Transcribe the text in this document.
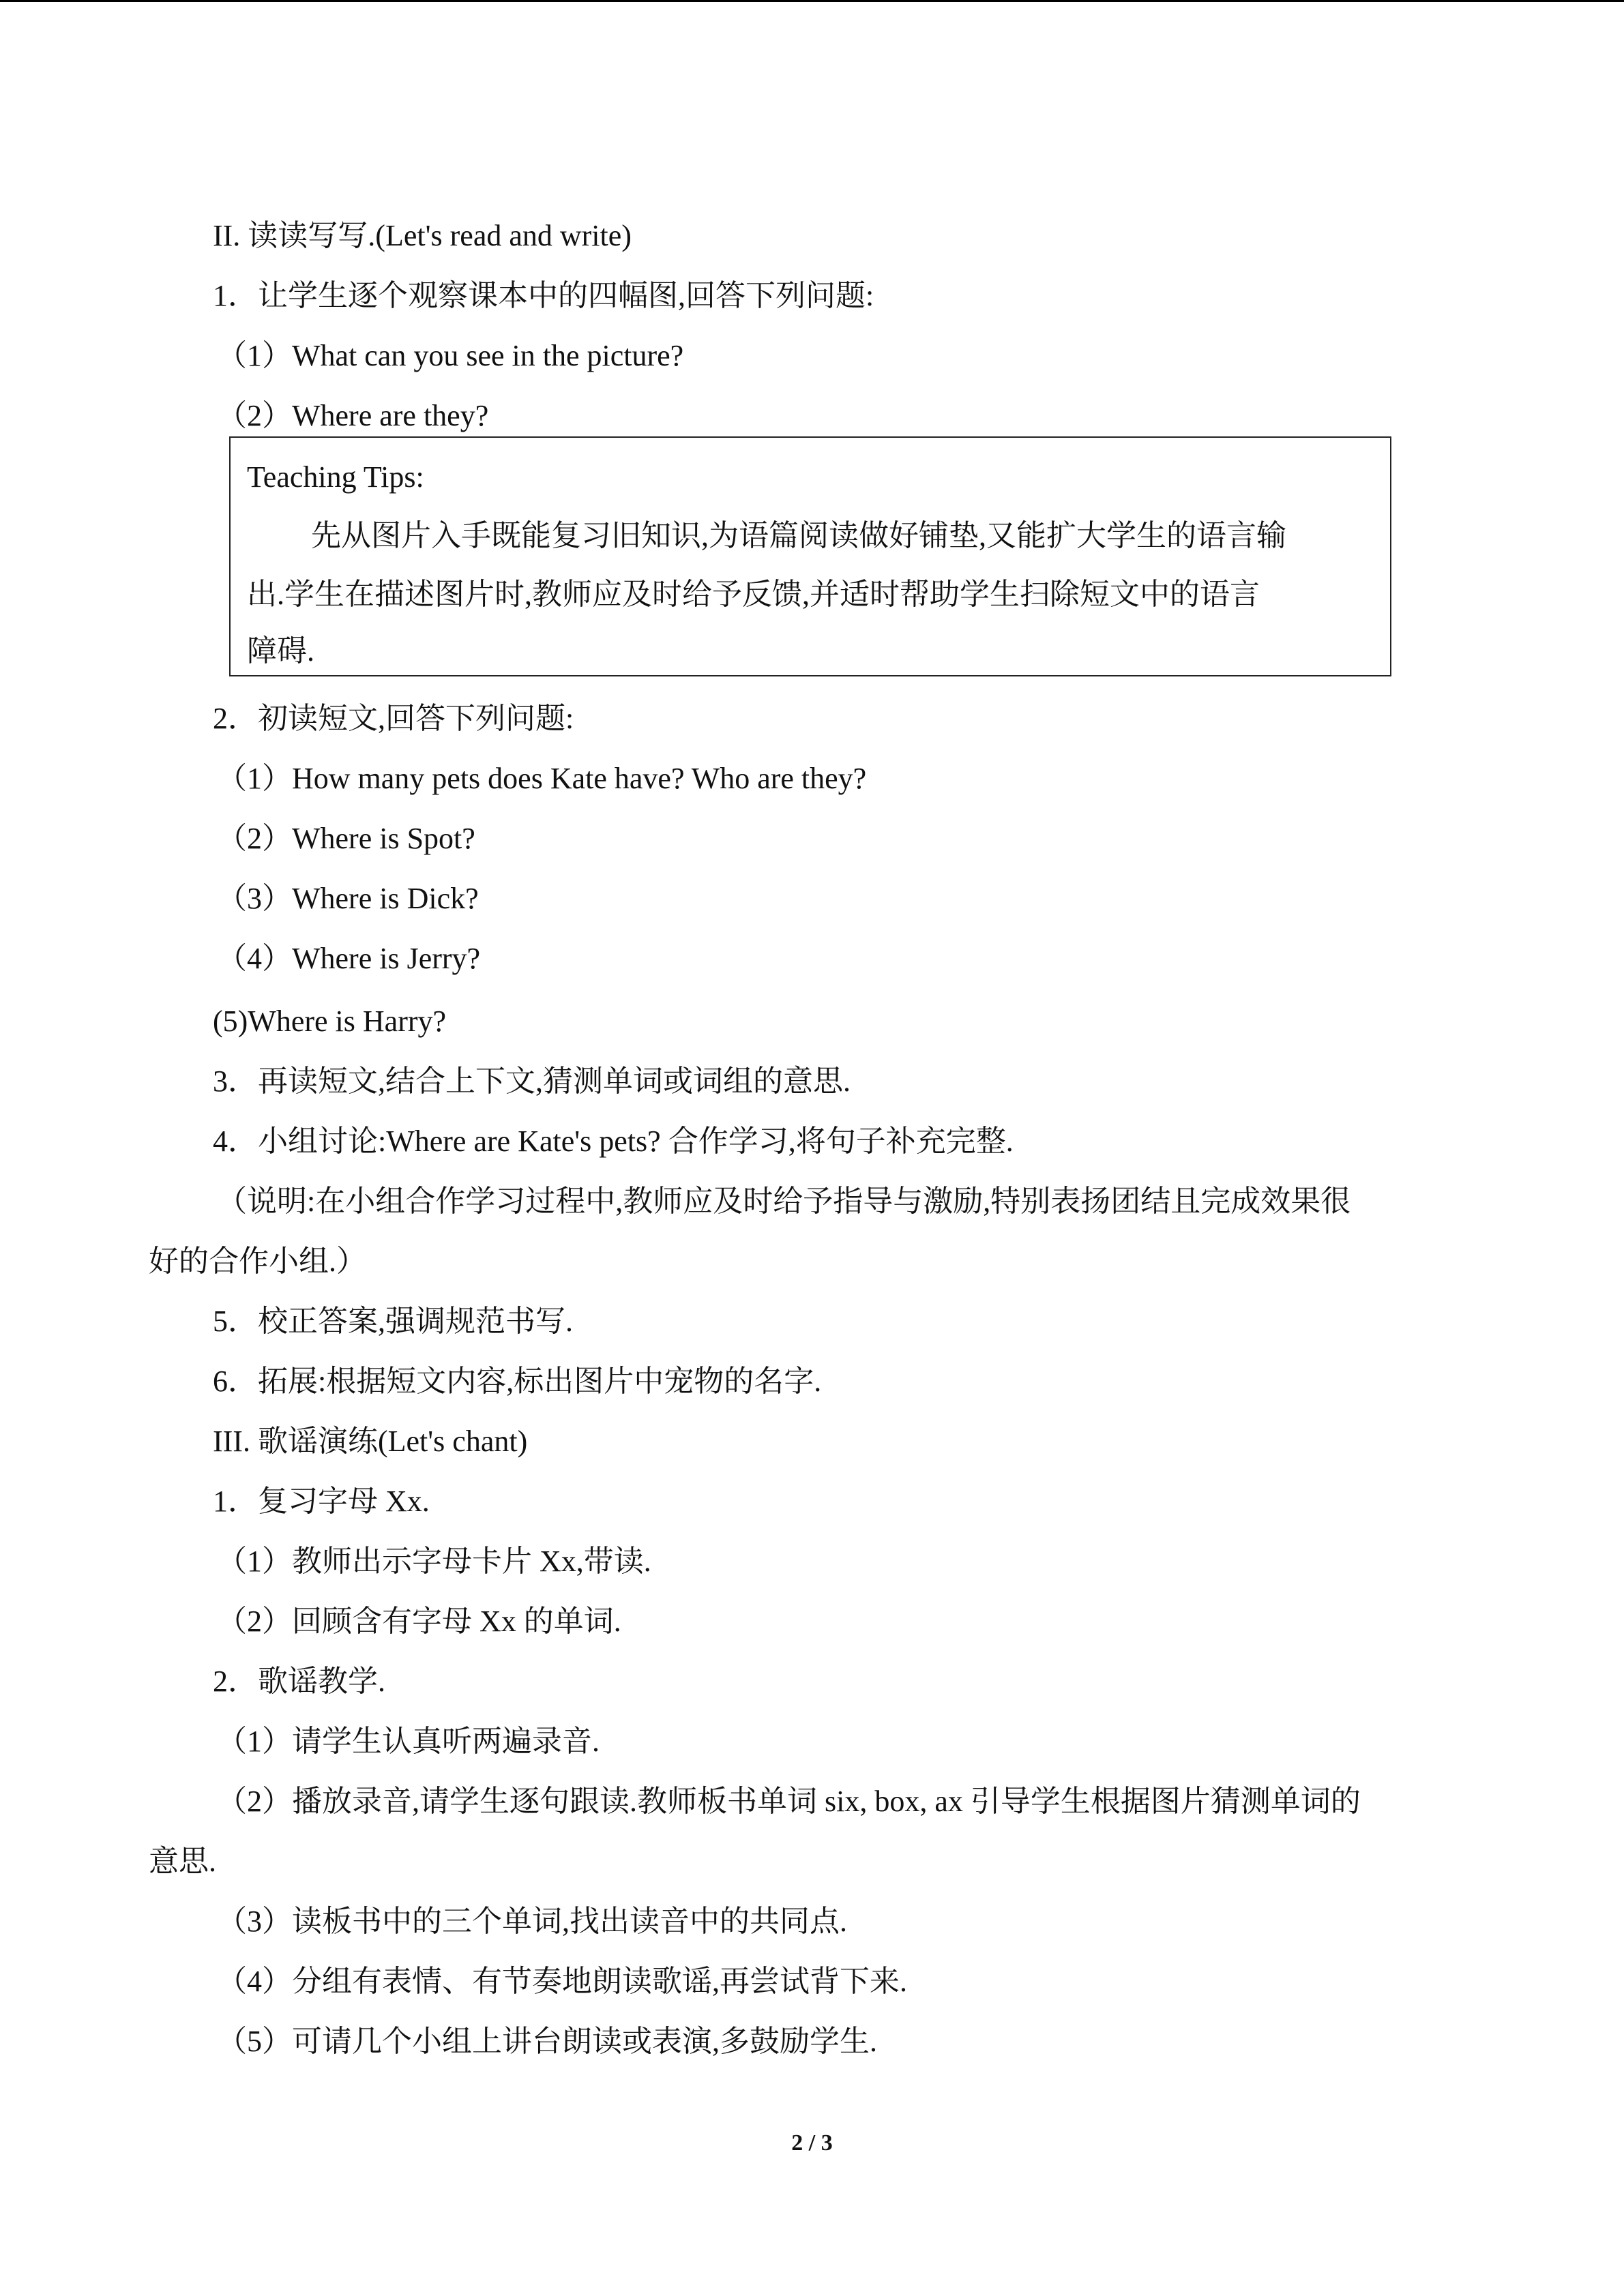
II. 读读写写.(Let's read and write)
1．让学生逐个观察课本中的四幅图,回答下列问题:
（1）What can you see in the picture?
（2）Where are they?
Teaching Tips:
先从图片入手既能复习旧知识,为语篇阅读做好铺垫,又能扩大学生的语言输
出.学生在描述图片时,教师应及时给予反馈,并适时帮助学生扫除短文中的语言
障碍.
2．初读短文,回答下列问题:
（1）How many pets does Kate have? Who are they?
（2）Where is Spot?
（3）Where is Dick?
（4）Where is Jerry?
(5)Where is Harry?
3．再读短文,结合上下文,猜测单词或词组的意思.
4．小组讨论:Where are Kate's pets? 合作学习,将句子补充完整.
（说明:在小组合作学习过程中,教师应及时给予指导与激励,特别表扬团结且完成效果很
好的合作小组.）
5．校正答案,强调规范书写.
6．拓展:根据短文内容,标出图片中宠物的名字.
III. 歌谣演练(Let's chant)
1．复习字母 Xx.
（1）教师出示字母卡片 Xx,带读.
（2）回顾含有字母 Xx 的单词.
2．歌谣教学.
（1）请学生认真听两遍录音.
（2）播放录音,请学生逐句跟读.教师板书单词 six, box, ax 引导学生根据图片猜测单词的
意思.
（3）读板书中的三个单词,找出读音中的共同点.
（4）分组有表情、有节奏地朗读歌谣,再尝试背下来.
（5）可请几个小组上讲台朗读或表演,多鼓励学生.
2 / 3
